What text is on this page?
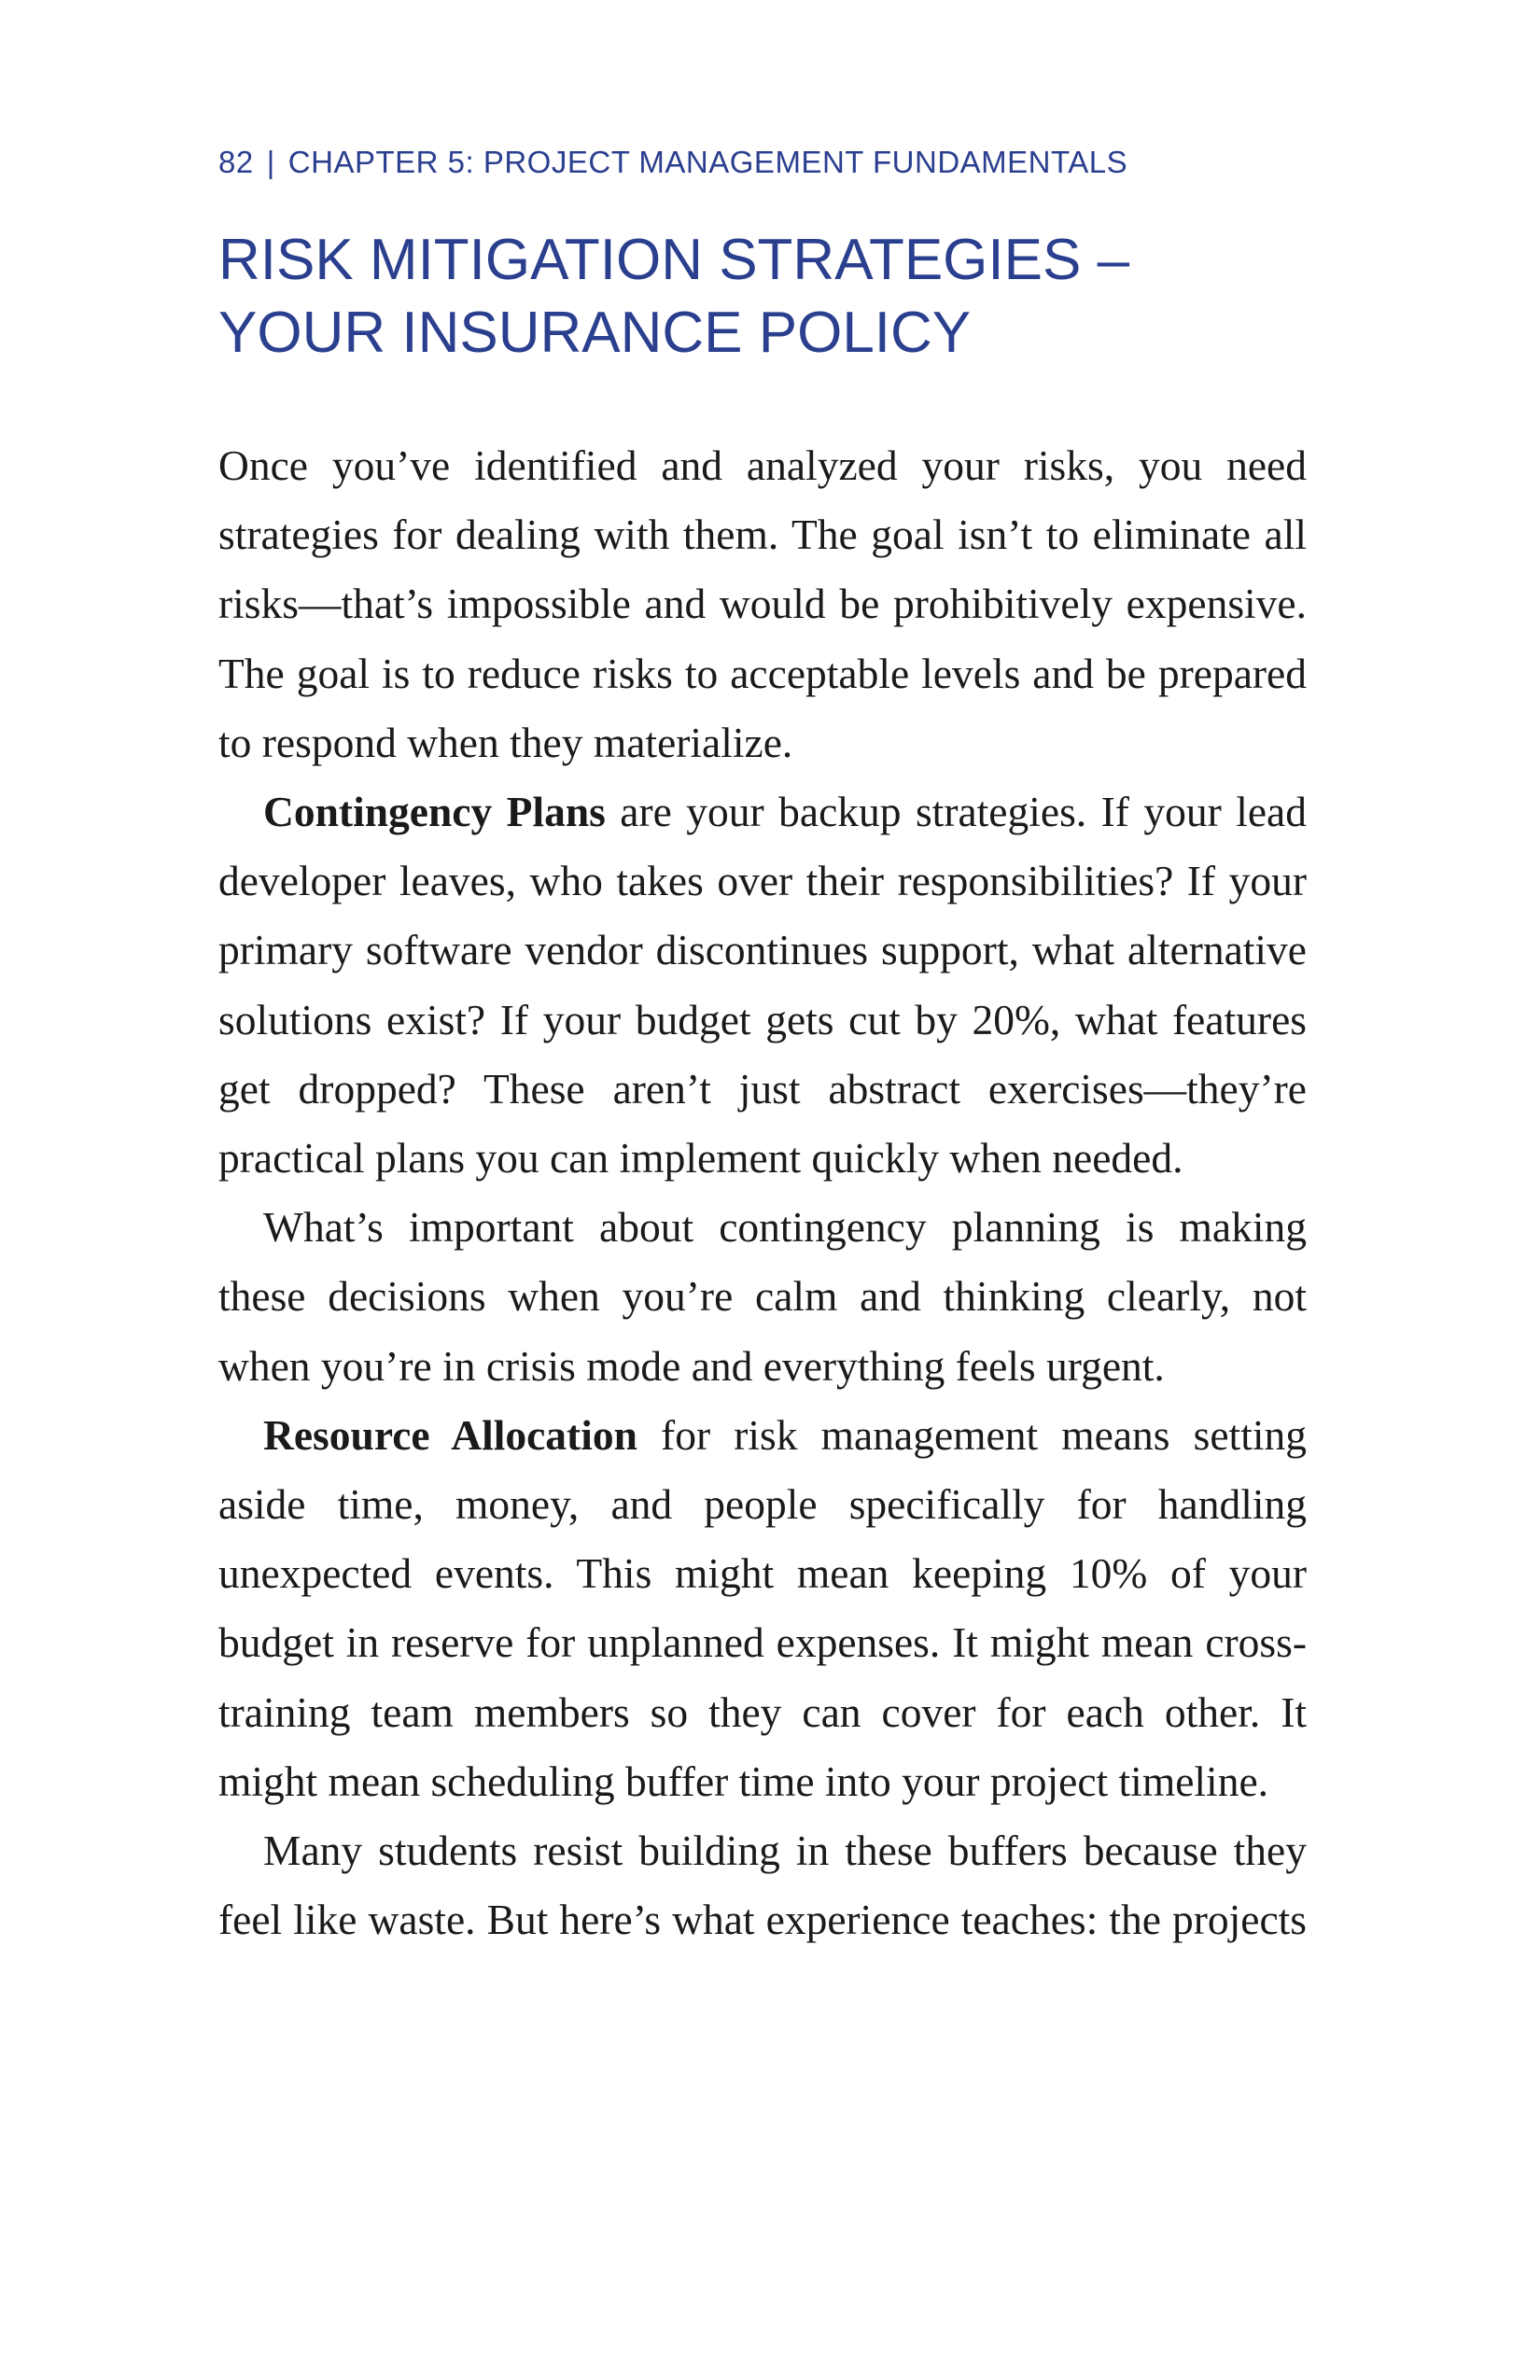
82 | CHAPTER 5: PROJECT MANAGEMENT FUNDAMENTALS
RISK MITIGATION STRATEGIES –
YOUR INSURANCE POLICY

Once you’ve identified and analyzed your risks, you need strategies for dealing with them. The goal isn’t to eliminate all risks—that’s impossible and would be prohibitively expensive. The goal is to reduce risks to acceptable levels and be prepared to respond when they materialize.

Contingency Plans are your backup strategies. If your lead developer leaves, who takes over their responsibilities? If your primary software vendor discontinues support, what alternative solutions exist? If your budget gets cut by 20%, what features get dropped? These aren’t just abstract exercises—they’re practical plans you can implement quickly when needed.

What’s important about contingency planning is making these decisions when you’re calm and thinking clearly, not when you’re in crisis mode and everything feels urgent.

Resource Allocation for risk management means setting aside time, money, and people specifically for handling unexpected events. This might mean keeping 10% of your budget in reserve for unplanned expenses. It might mean cross-training team members so they can cover for each other. It might mean scheduling buffer time into your project timeline.

Many students resist building in these buffers because they feel like waste. But here’s what experience teaches: the projects
